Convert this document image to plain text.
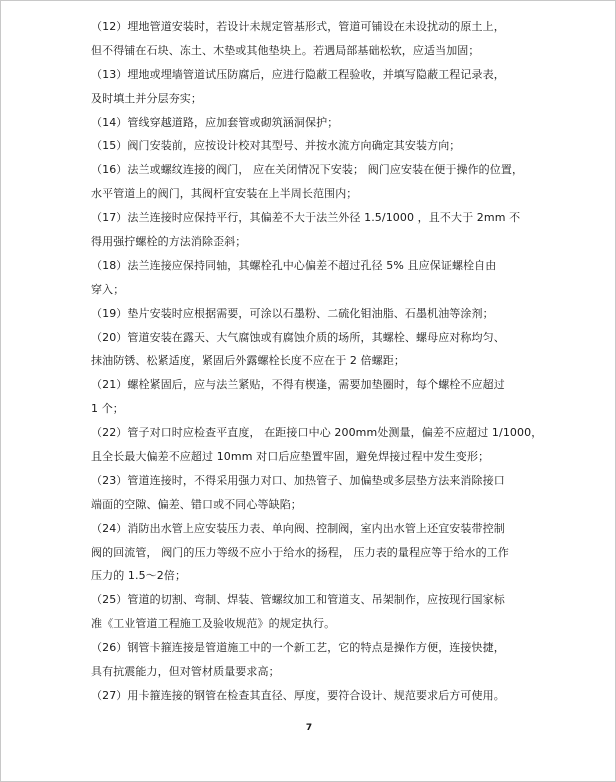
（12）埋地管道安装时，若设计未规定管基形式，管道可铺设在未设扰动的原土上，
但不得铺在石块、冻土、木垫或其他垫块上。若遇局部基础松软，应适当加固；
（13）埋地或埋墙管道试压防腐后，应进行隐蔽工程验收，并填写隐蔽工程记录表，
及时填土并分层夯实；
（14）管线穿越道路，应加套管或砌筑涵洞保护；
（15）阀门安装前，应按设计校对其型号、并按水流方向确定其安装方向；
（16）法兰或螺纹连接的阀门， 应在关闭情况下安装； 阀门应安装在便于操作的位置，
水平管道上的阀门，其阀杆宜安装在上半周长范围内；
（17）法兰连接时应保持平行，其偏差不大于法兰外径 1.5/1000 ，且不大于 2mm 不
得用强拧螺栓的方法消除歪斜；
（18）法兰连接应保持同轴，其螺栓孔中心偏差不超过孔径 5% 且应保证螺栓自由
穿入；
（19）垫片安装时应根据需要，可涂以石墨粉、二硫化钼油脂、石墨机油等涂剂；
（20）管道安装在露天、大气腐蚀或有腐蚀介质的场所，其螺栓、螺母应对称均匀、
抹油防锈、松紧适度，紧固后外露螺栓长度不应在于 2 倍螺距；
（21）螺栓紧固后，应与法兰紧贴，不得有楔逢，需要加垫圈时，每个螺栓不应超过
1 个；
（22）管子对口时应检查平直度， 在距接口中心 200mm处测量，偏差不应超过 1/1000，
且全长最大偏差不应超过 10mm 对口后应垫置牢固，避免焊接过程中发生变形；
（23）管道连接时，不得采用强力对口、加热管子、加偏垫或多层垫方法来消除接口
端面的空隙、偏差、错口或不同心等缺陷；
（24）消防出水管上应安装压力表、单向阀、控制阀，室内出水管上还宜安装带控制
阀的回流管， 阀门的压力等级不应小于给水的扬程， 压力表的量程应等于给水的工作
压力的 1.5～2倍；
（25）管道的切割、弯制、焊装、管螺纹加工和管道支、吊架制作，应按现行国家标
准《工业管道工程施工及验收规范》的规定执行。
（26）钢管卡箍连接是管道施工中的一个新工艺，它的特点是操作方便，连接快捷，
具有抗震能力，但对管材质量要求高；
（27）用卡箍连接的钢管在检查其直径、厚度，要符合设计、规范要求后方可使用。
7
